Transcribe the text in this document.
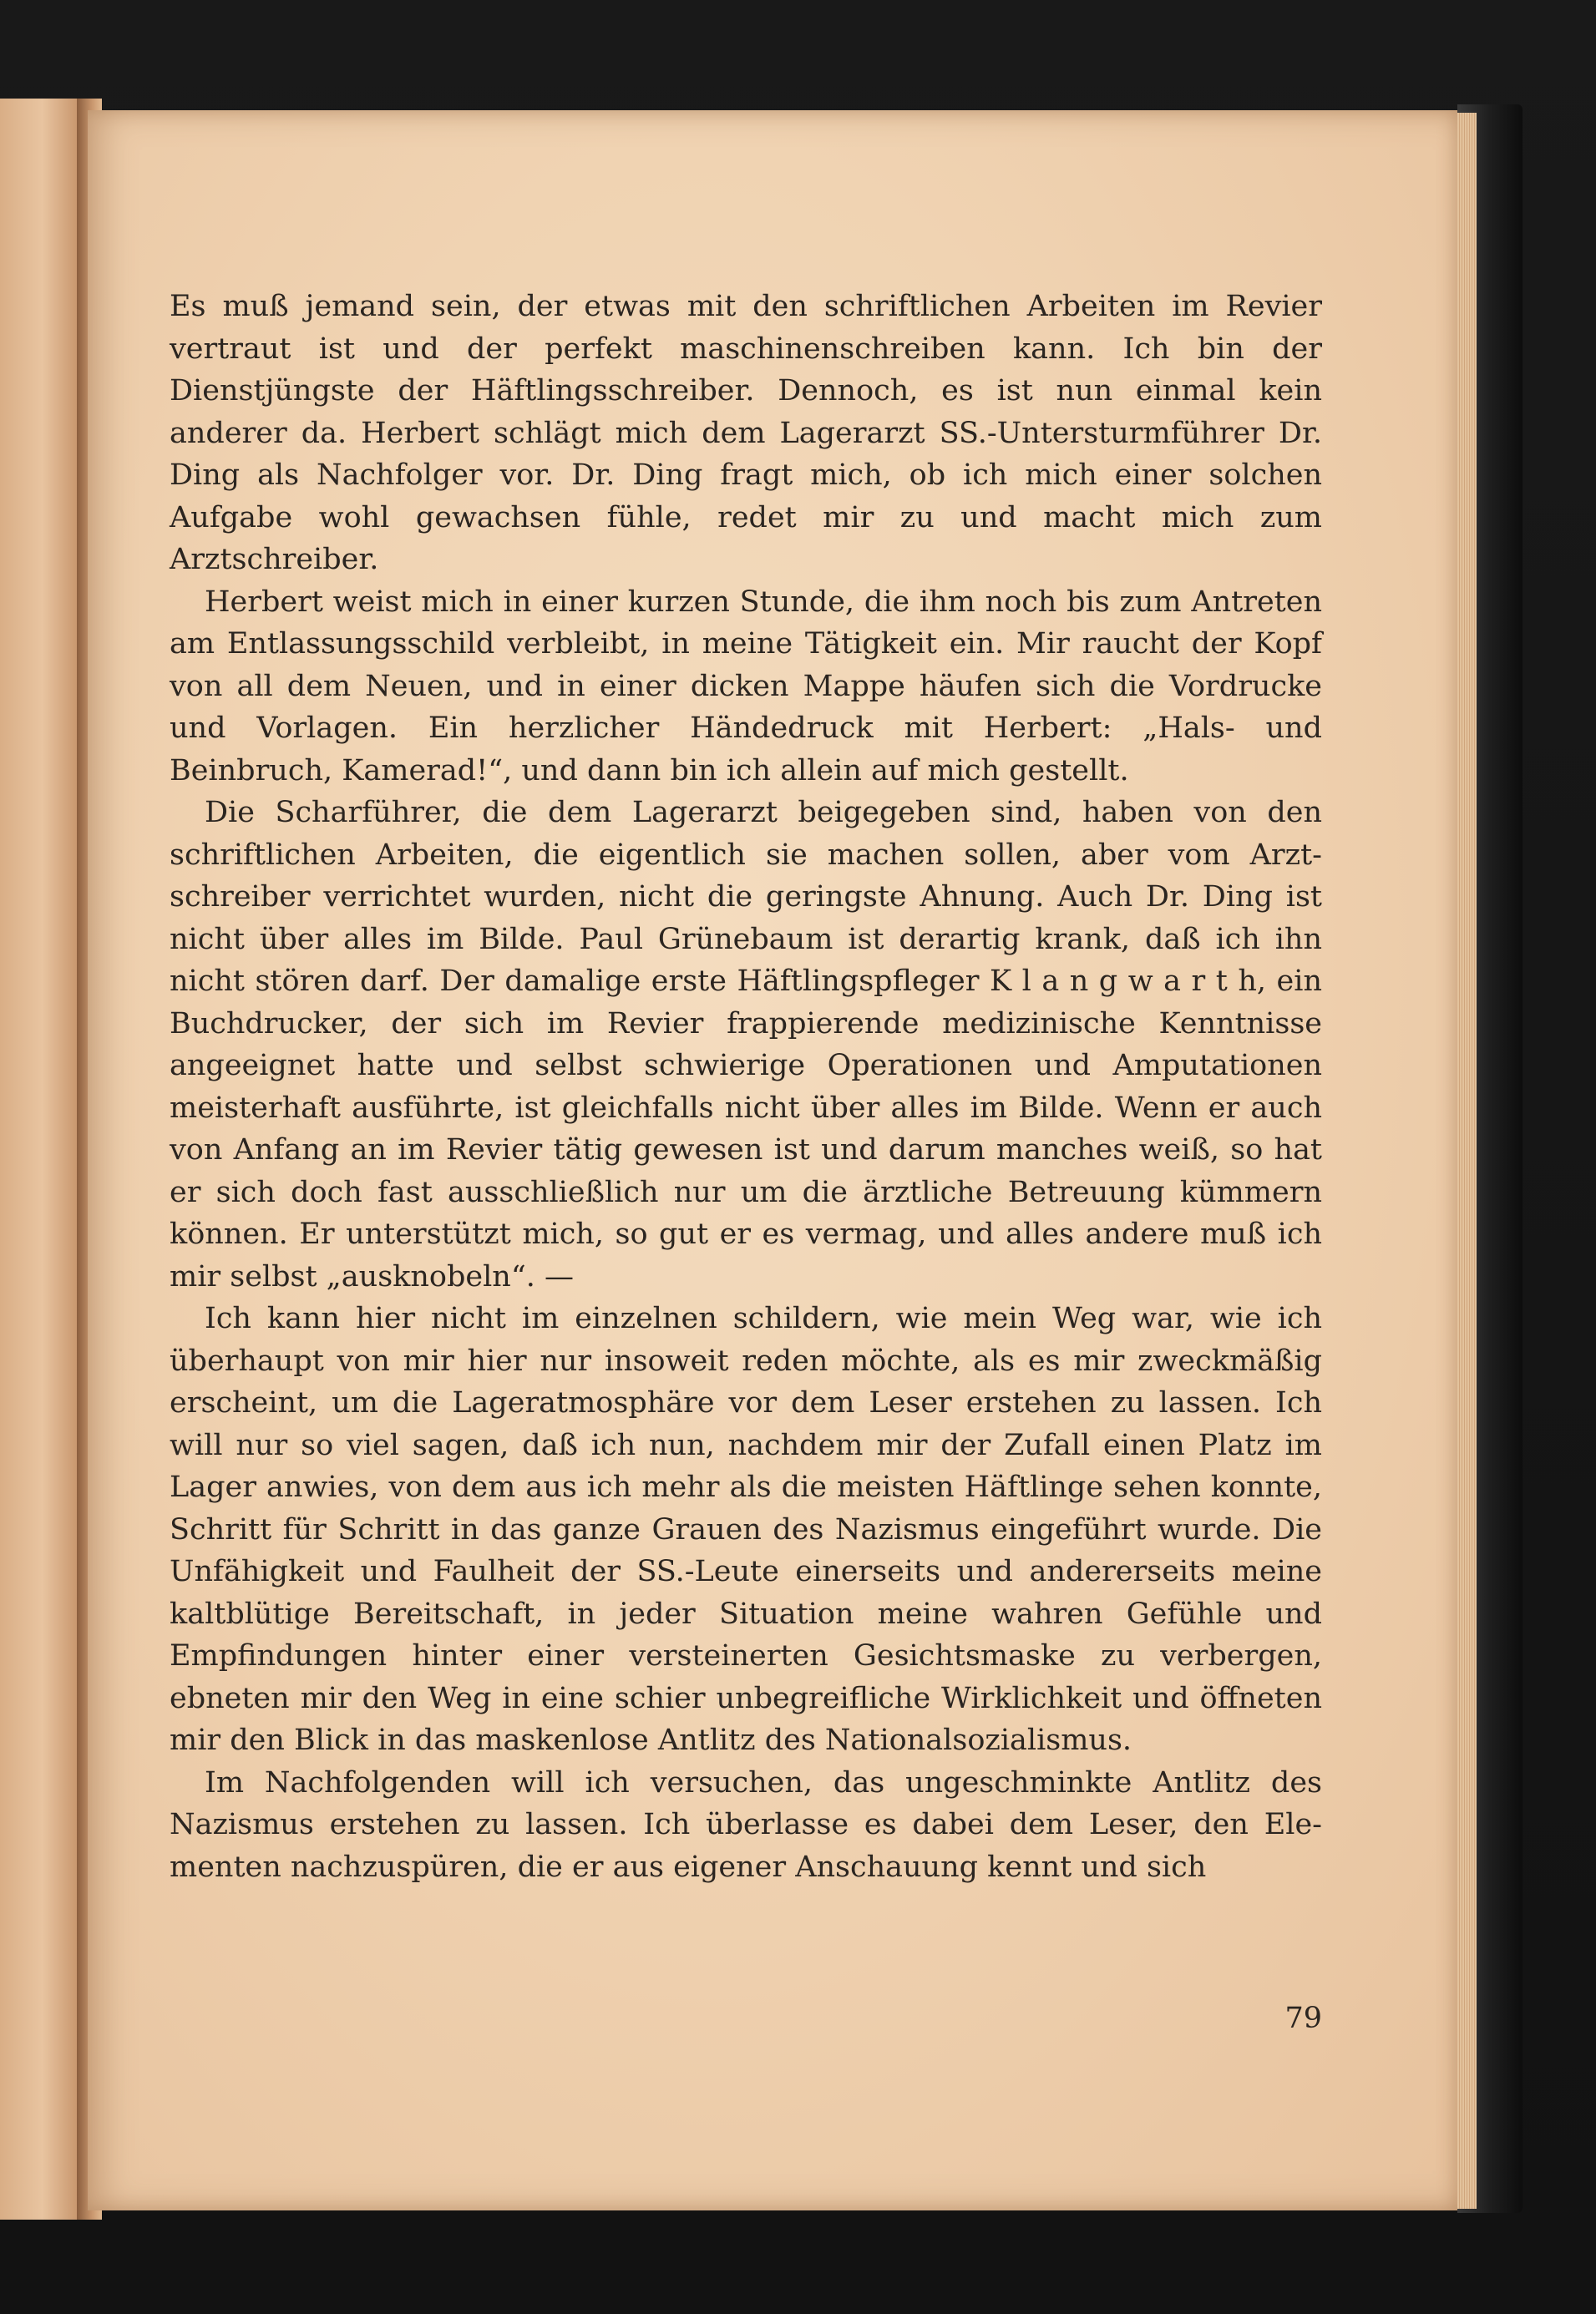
Es muß jemand sein, der etwas mit den schriftlichen Arbeiten im Revier vertraut ist und der perfekt maschinenschreiben kann. Ich bin der Dienstjüngste der Häftlingsschreiber. Dennoch, es ist nun einmal kein anderer da. Herbert schlägt mich dem Lagerarzt SS.-Untersturmführer Dr. Ding als Nachfolger vor. Dr. Ding fragt mich, ob ich mich einer solchen Aufgabe wohl gewachsen fühle, redet mir zu und macht mich zum Arztschreiber.

Herbert weist mich in einer kurzen Stunde, die ihm noch bis zum Antreten am Entlassungsschild verbleibt, in meine Tätigkeit ein. Mir raucht der Kopf von all dem Neuen, und in einer dicken Mappe häufen sich die Vordrucke und Vorlagen. Ein herzlicher Händedruck mit Herbert: „Hals- und Beinbruch, Kamerad!“, und dann bin ich allein auf mich gestellt.

Die Scharführer, die dem Lagerarzt beigegeben sind, haben von den schriftlichen Arbeiten, die eigentlich sie machen sollen, aber vom Arztschreiber verrichtet wurden, nicht die geringste Ahnung. Auch Dr. Ding ist nicht über alles im Bilde. Paul Grünebaum ist derartig krank, daß ich ihn nicht stören darf. Der damalige erste Häftlingspfleger K l a n g w a r t h, ein Buchdrucker, der sich im Revier frappierende medizinische Kenntnisse angeeignet hatte und selbst schwierige Operationen und Amputationen meisterhaft ausführte, ist gleichfalls nicht über alles im Bilde. Wenn er auch von Anfang an im Revier tätig gewesen ist und darum manches weiß, so hat er sich doch fast ausschließlich nur um die ärztliche Betreuung kümmern können. Er unterstützt mich, so gut er es vermag, und alles andere muß ich mir selbst „ausknobeln“. —

Ich kann hier nicht im einzelnen schildern, wie mein Weg war, wie ich überhaupt von mir hier nur insoweit reden möchte, als es mir zweckmäßig erscheint, um die Lageratmosphäre vor dem Leser erstehen zu lassen. Ich will nur so viel sagen, daß ich nun, nachdem mir der Zufall einen Platz im Lager anwies, von dem aus ich mehr als die meisten Häftlinge sehen konnte, Schritt für Schritt in das ganze Grauen des Nazismus eingeführt wurde. Die Unfähigkeit und Faulheit der SS.-Leute einerseits und andererseits meine kaltblütige Bereitschaft, in jeder Situation meine wahren Gefühle und Empfindungen hinter einer versteinerten Gesichtsmaske zu verbergen, ebneten mir den Weg in eine schier unbegreifliche Wirklichkeit und öffneten mir den Blick in das maskenlose Antlitz des Nationalsozialismus.

Im Nachfolgenden will ich versuchen, das ungeschminkte Antlitz des Nazismus erstehen zu lassen. Ich überlasse es dabei dem Leser, den Elementen nachzuspüren, die er aus eigener Anschauung kennt und sich

79
